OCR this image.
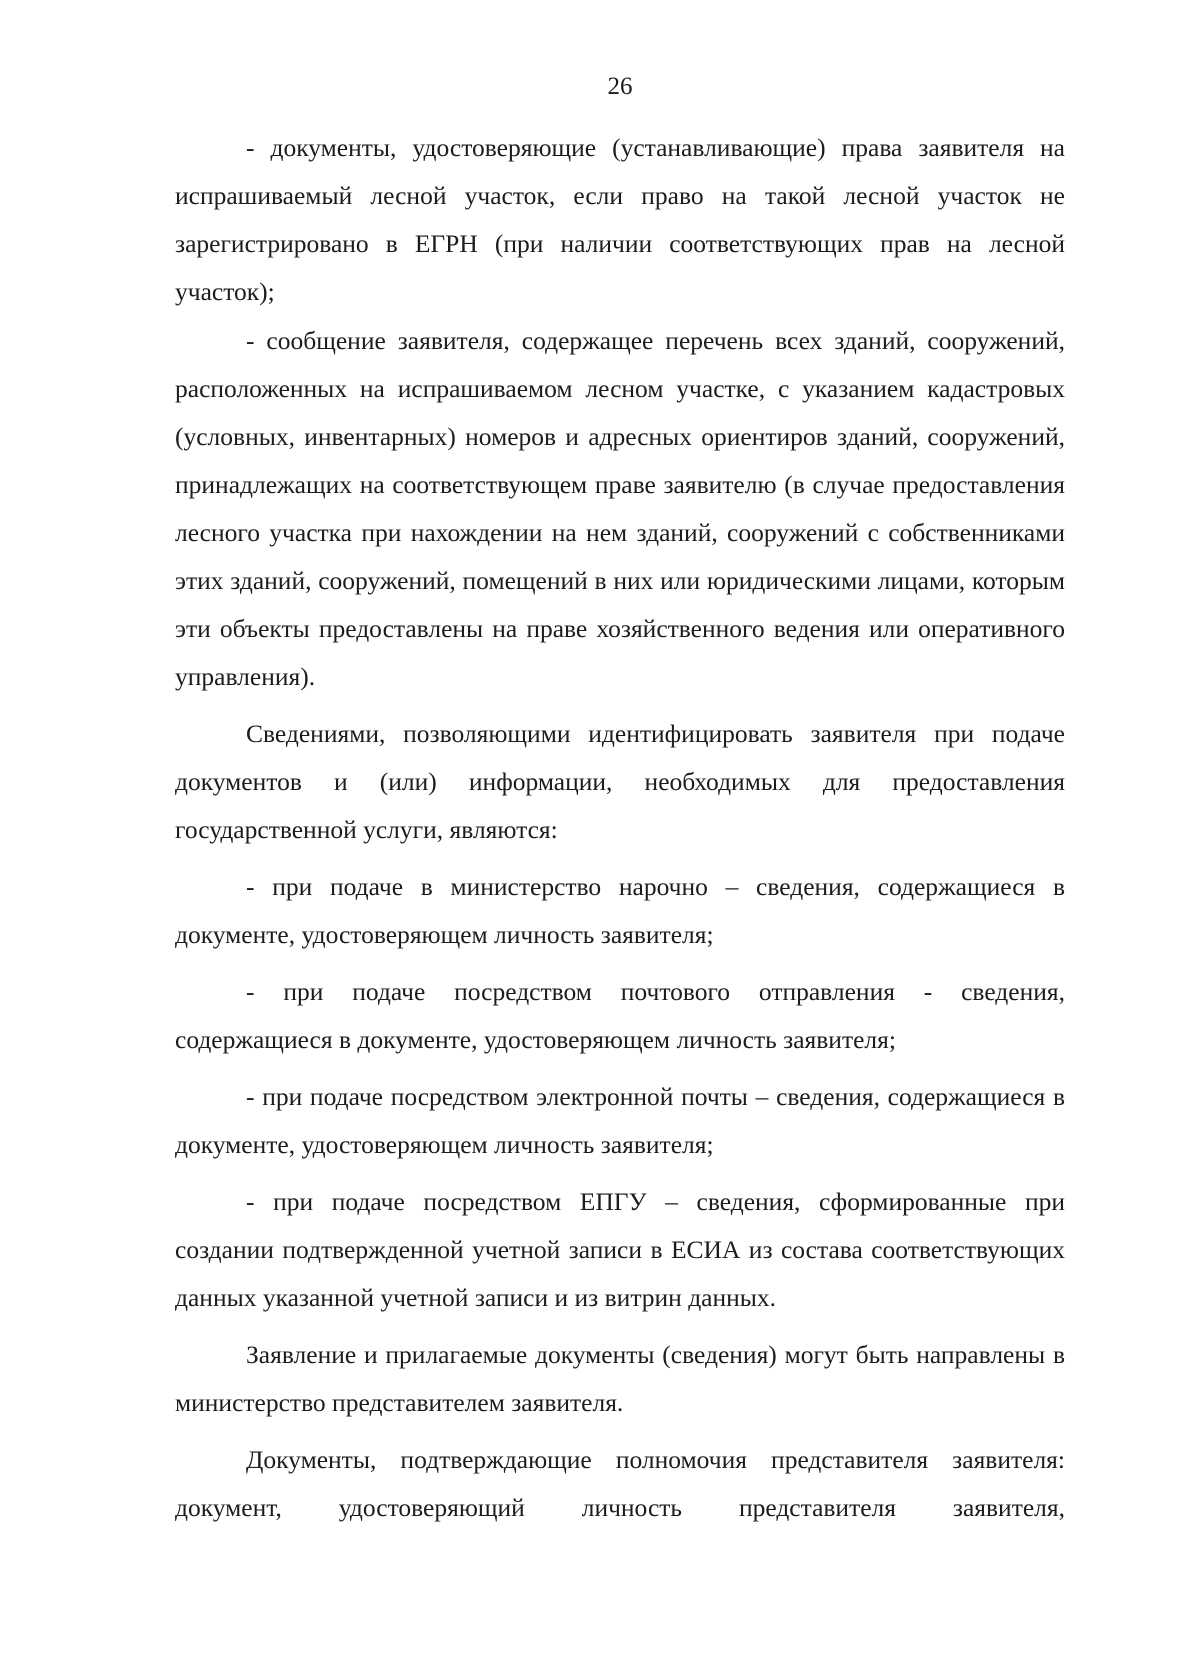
26

- документы, удостоверяющие (устанавливающие) права заявителя на испрашиваемый лесной участок, если право на такой лесной участок не зарегистрировано в ЕГРН (при наличии соответствующих прав на лесной участок);

- сообщение заявителя, содержащее перечень всех зданий, сооружений, расположенных на испрашиваемом лесном участке, с указанием кадастровых (условных, инвентарных) номеров и адресных ориентиров зданий, сооружений, принадлежащих на соответствующем праве заявителю (в случае предоставления лесного участка при нахождении на нем зданий, сооружений с собственниками этих зданий, сооружений, помещений в них или юридическими лицами, которым эти объекты предоставлены на праве хозяйственного ведения или оперативного управления).

Сведениями, позволяющими идентифицировать заявителя при подаче документов и (или) информации, необходимых для предоставления государственной услуги, являются:

- при подаче в министерство нарочно – сведения, содержащиеся в документе, удостоверяющем личность заявителя;

- при подаче посредством почтового отправления - сведения, содержащиеся в документе, удостоверяющем личность заявителя;

- при подаче посредством электронной почты – сведения, содержащиеся в документе, удостоверяющем личность заявителя;

- при подаче посредством ЕПГУ – сведения, сформированные при создании подтвержденной учетной записи в ЕСИА из состава соответствующих данных указанной учетной записи и из витрин данных.

Заявление и прилагаемые документы (сведения) могут быть направлены в министерство представителем заявителя.

Документы, подтверждающие полномочия представителя заявителя: документ, удостоверяющий личность представителя заявителя,
